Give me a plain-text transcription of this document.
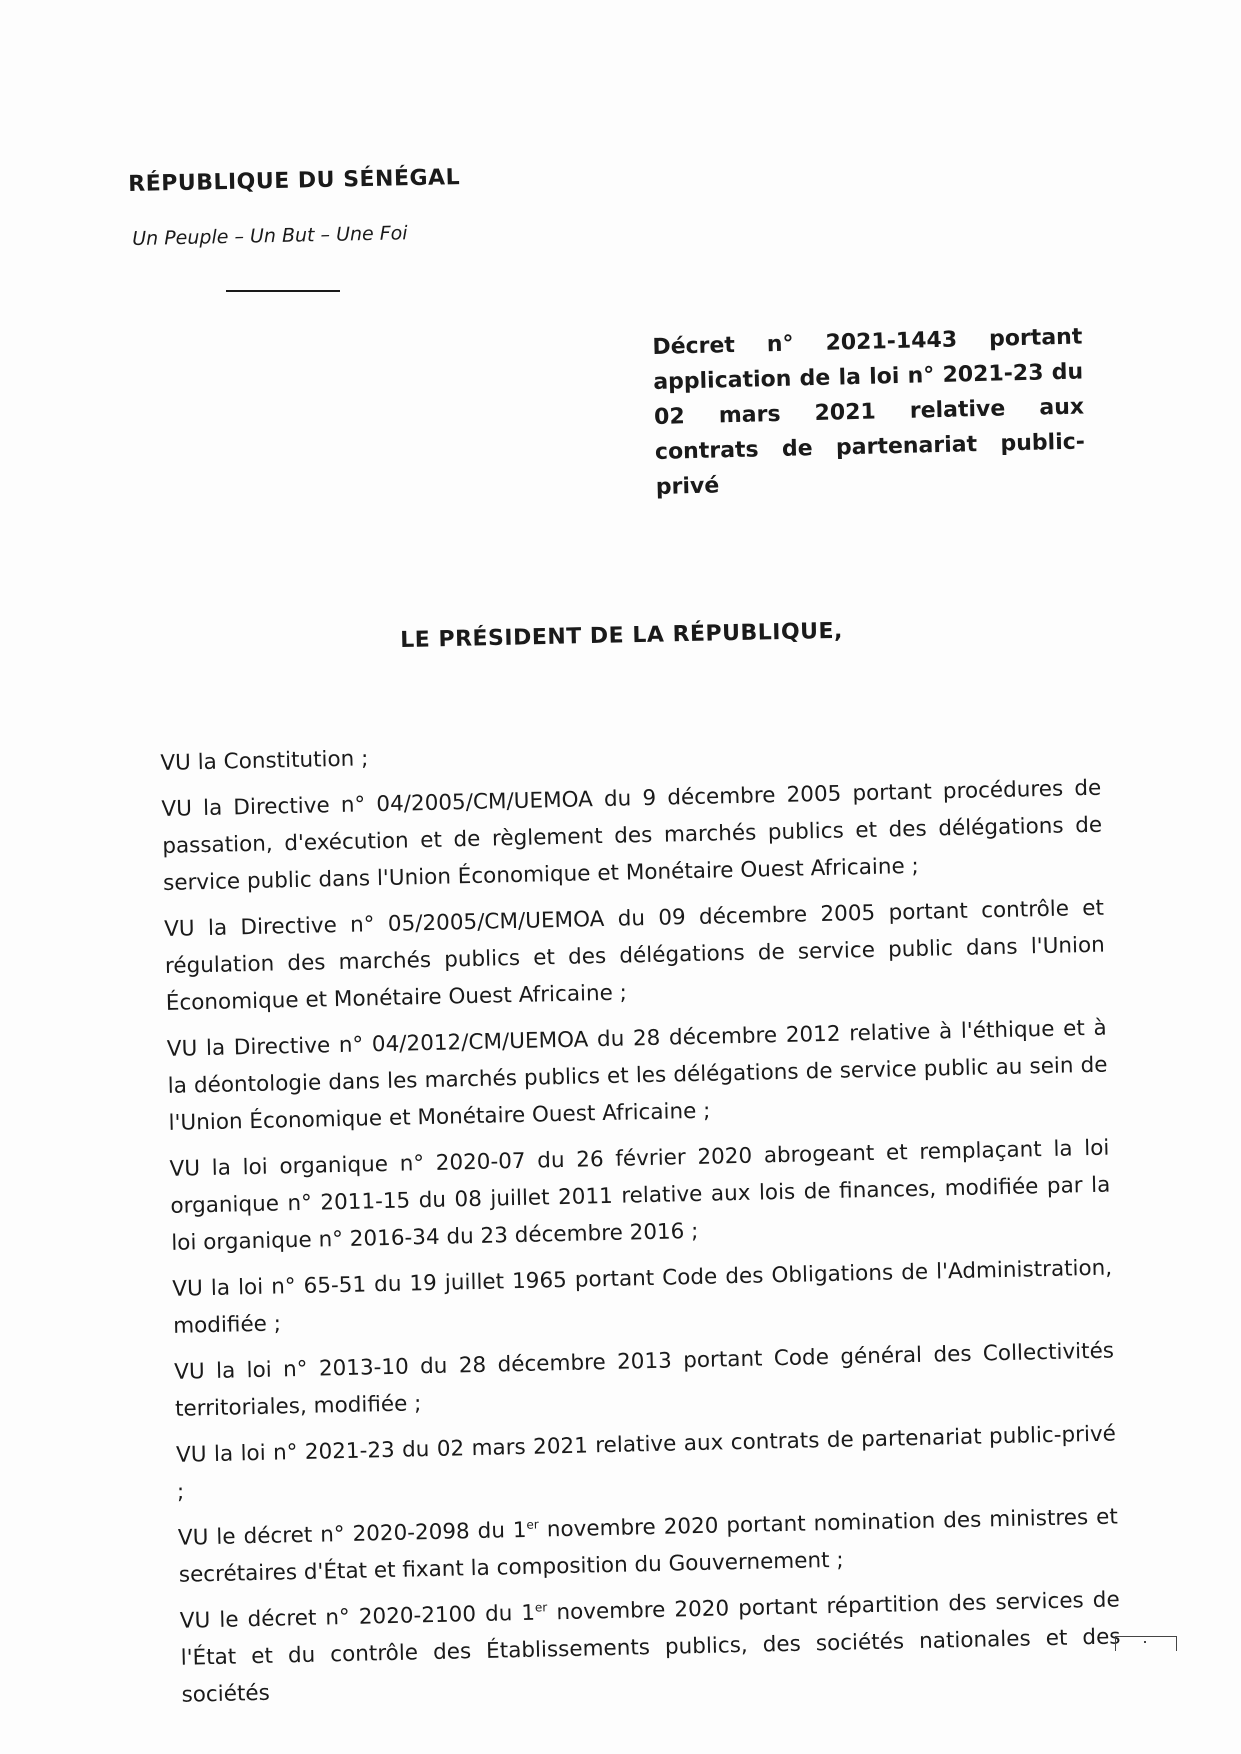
RÉPUBLIQUE DU SÉNÉGAL
Un Peuple – Un But – Une Foi
Décret n° 2021-1443 portant application de la loi n° 2021-23 du 02 mars 2021 relative aux contrats de partenariat public-privé
LE PRÉSIDENT DE LA RÉPUBLIQUE,

VU la Constitution ;

VU la Directive n° 04/2005/CM/UEMOA du 9 décembre 2005 portant procédures de passation, d'exécution et de règlement des marchés publics et des délégations de service public dans l'Union Économique et Monétaire Ouest Africaine ;

VU la Directive n° 05/2005/CM/UEMOA du 09 décembre 2005 portant contrôle et régulation des marchés publics et des délégations de service public dans l'Union Économique et Monétaire Ouest Africaine ;

VU la Directive n° 04/2012/CM/UEMOA du 28 décembre 2012 relative à l'éthique et à la déontologie dans les marchés publics et les délégations de service public au sein de l'Union Économique et Monétaire Ouest Africaine ;

VU la loi organique n° 2020-07 du 26 février 2020 abrogeant et remplaçant la loi organique n° 2011-15 du 08 juillet 2011 relative aux lois de finances, modifiée par la loi organique n° 2016-34 du 23 décembre 2016 ;

VU la loi n° 65-51 du 19 juillet 1965 portant Code des Obligations de l'Administration, modifiée ;

VU la loi n° 2013-10 du 28 décembre 2013 portant Code général des Collectivités territoriales, modifiée ;

VU la loi n° 2021-23 du 02 mars 2021 relative aux contrats de partenariat public-privé ;

VU le décret n° 2020-2098 du 1er novembre 2020 portant nomination des ministres et secrétaires d'État et fixant la composition du Gouvernement ;

VU le décret n° 2020-2100 du 1er novembre 2020 portant répartition des services de l'État et du contrôle des Établissements publics, des sociétés nationales et des sociétés
